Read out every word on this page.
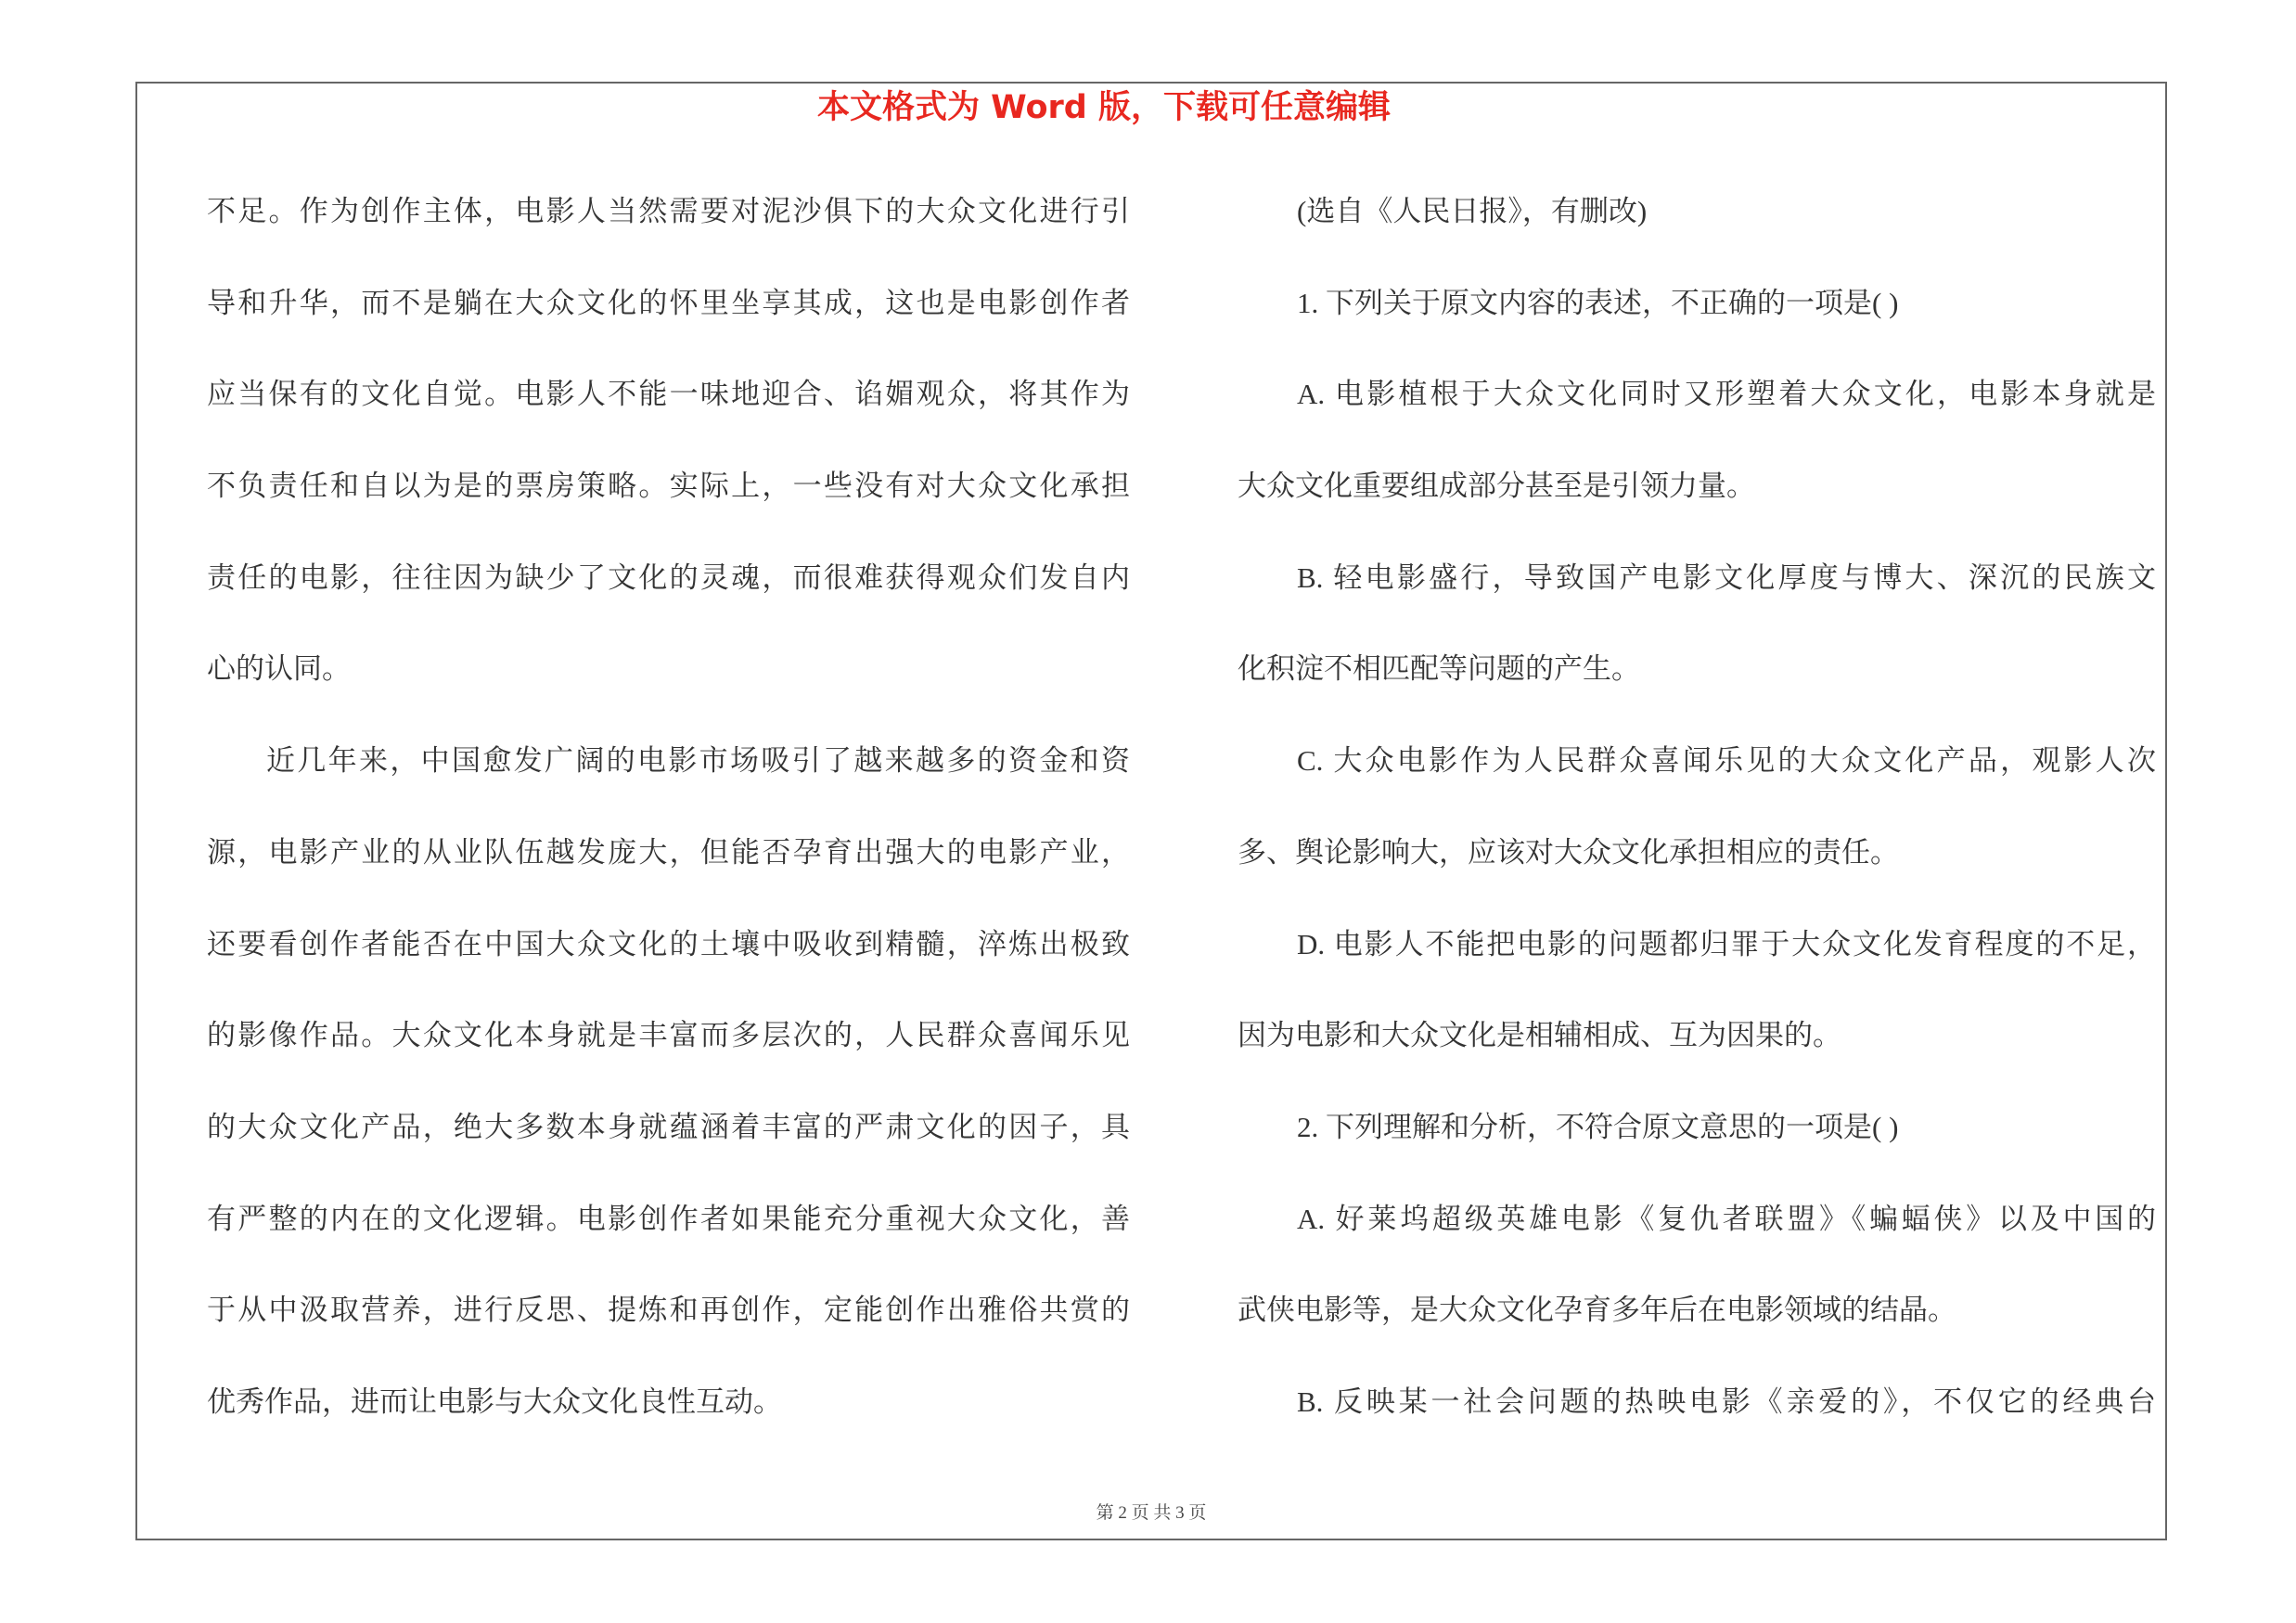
本文格式为 Word 版，下载可任意编辑
不足。作为创作主体，电影人当然需要对泥沙俱下的大众文化进行引
导和升华，而不是躺在大众文化的怀里坐享其成，这也是电影创作者
应当保有的文化自觉。电影人不能一味地迎合、谄媚观众，将其作为
不负责任和自以为是的票房策略。实际上，一些没有对大众文化承担
责任的电影，往往因为缺少了文化的灵魂，而很难获得观众们发自内
心的认同。
近几年来，中国愈发广阔的电影市场吸引了越来越多的资金和资
源，电影产业的从业队伍越发庞大，但能否孕育出强大的电影产业，
还要看创作者能否在中国大众文化的土壤中吸收到精髓，淬炼出极致
的影像作品。大众文化本身就是丰富而多层次的，人民群众喜闻乐见
的大众文化产品，绝大多数本身就蕴涵着丰富的严肃文化的因子，具
有严整的内在的文化逻辑。电影创作者如果能充分重视大众文化，善
于从中汲取营养，进行反思、提炼和再创作，定能创作出雅俗共赏的
优秀作品，进而让电影与大众文化良性互动。
(选自《人民日报》，有删改)
1. 下列关于原文内容的表述，不正确的一项是( )
A. 电影植根于大众文化同时又形塑着大众文化，电影本身就是
大众文化重要组成部分甚至是引领力量。
B. 轻电影盛行，导致国产电影文化厚度与博大、深沉的民族文
化积淀不相匹配等问题的产生。
C. 大众电影作为人民群众喜闻乐见的大众文化产品，观影人次
多、舆论影响大，应该对大众文化承担相应的责任。
D. 电影人不能把电影的问题都归罪于大众文化发育程度的不足，
因为电影和大众文化是相辅相成、互为因果的。
2. 下列理解和分析，不符合原文意思的一项是( )
A. 好莱坞超级英雄电影《复仇者联盟》《蝙蝠侠》以及中国的
武侠电影等，是大众文化孕育多年后在电影领域的结晶。
B. 反映某一社会问题的热映电影《亲爱的》，不仅它的经典台
第 2 页 共 3 页
